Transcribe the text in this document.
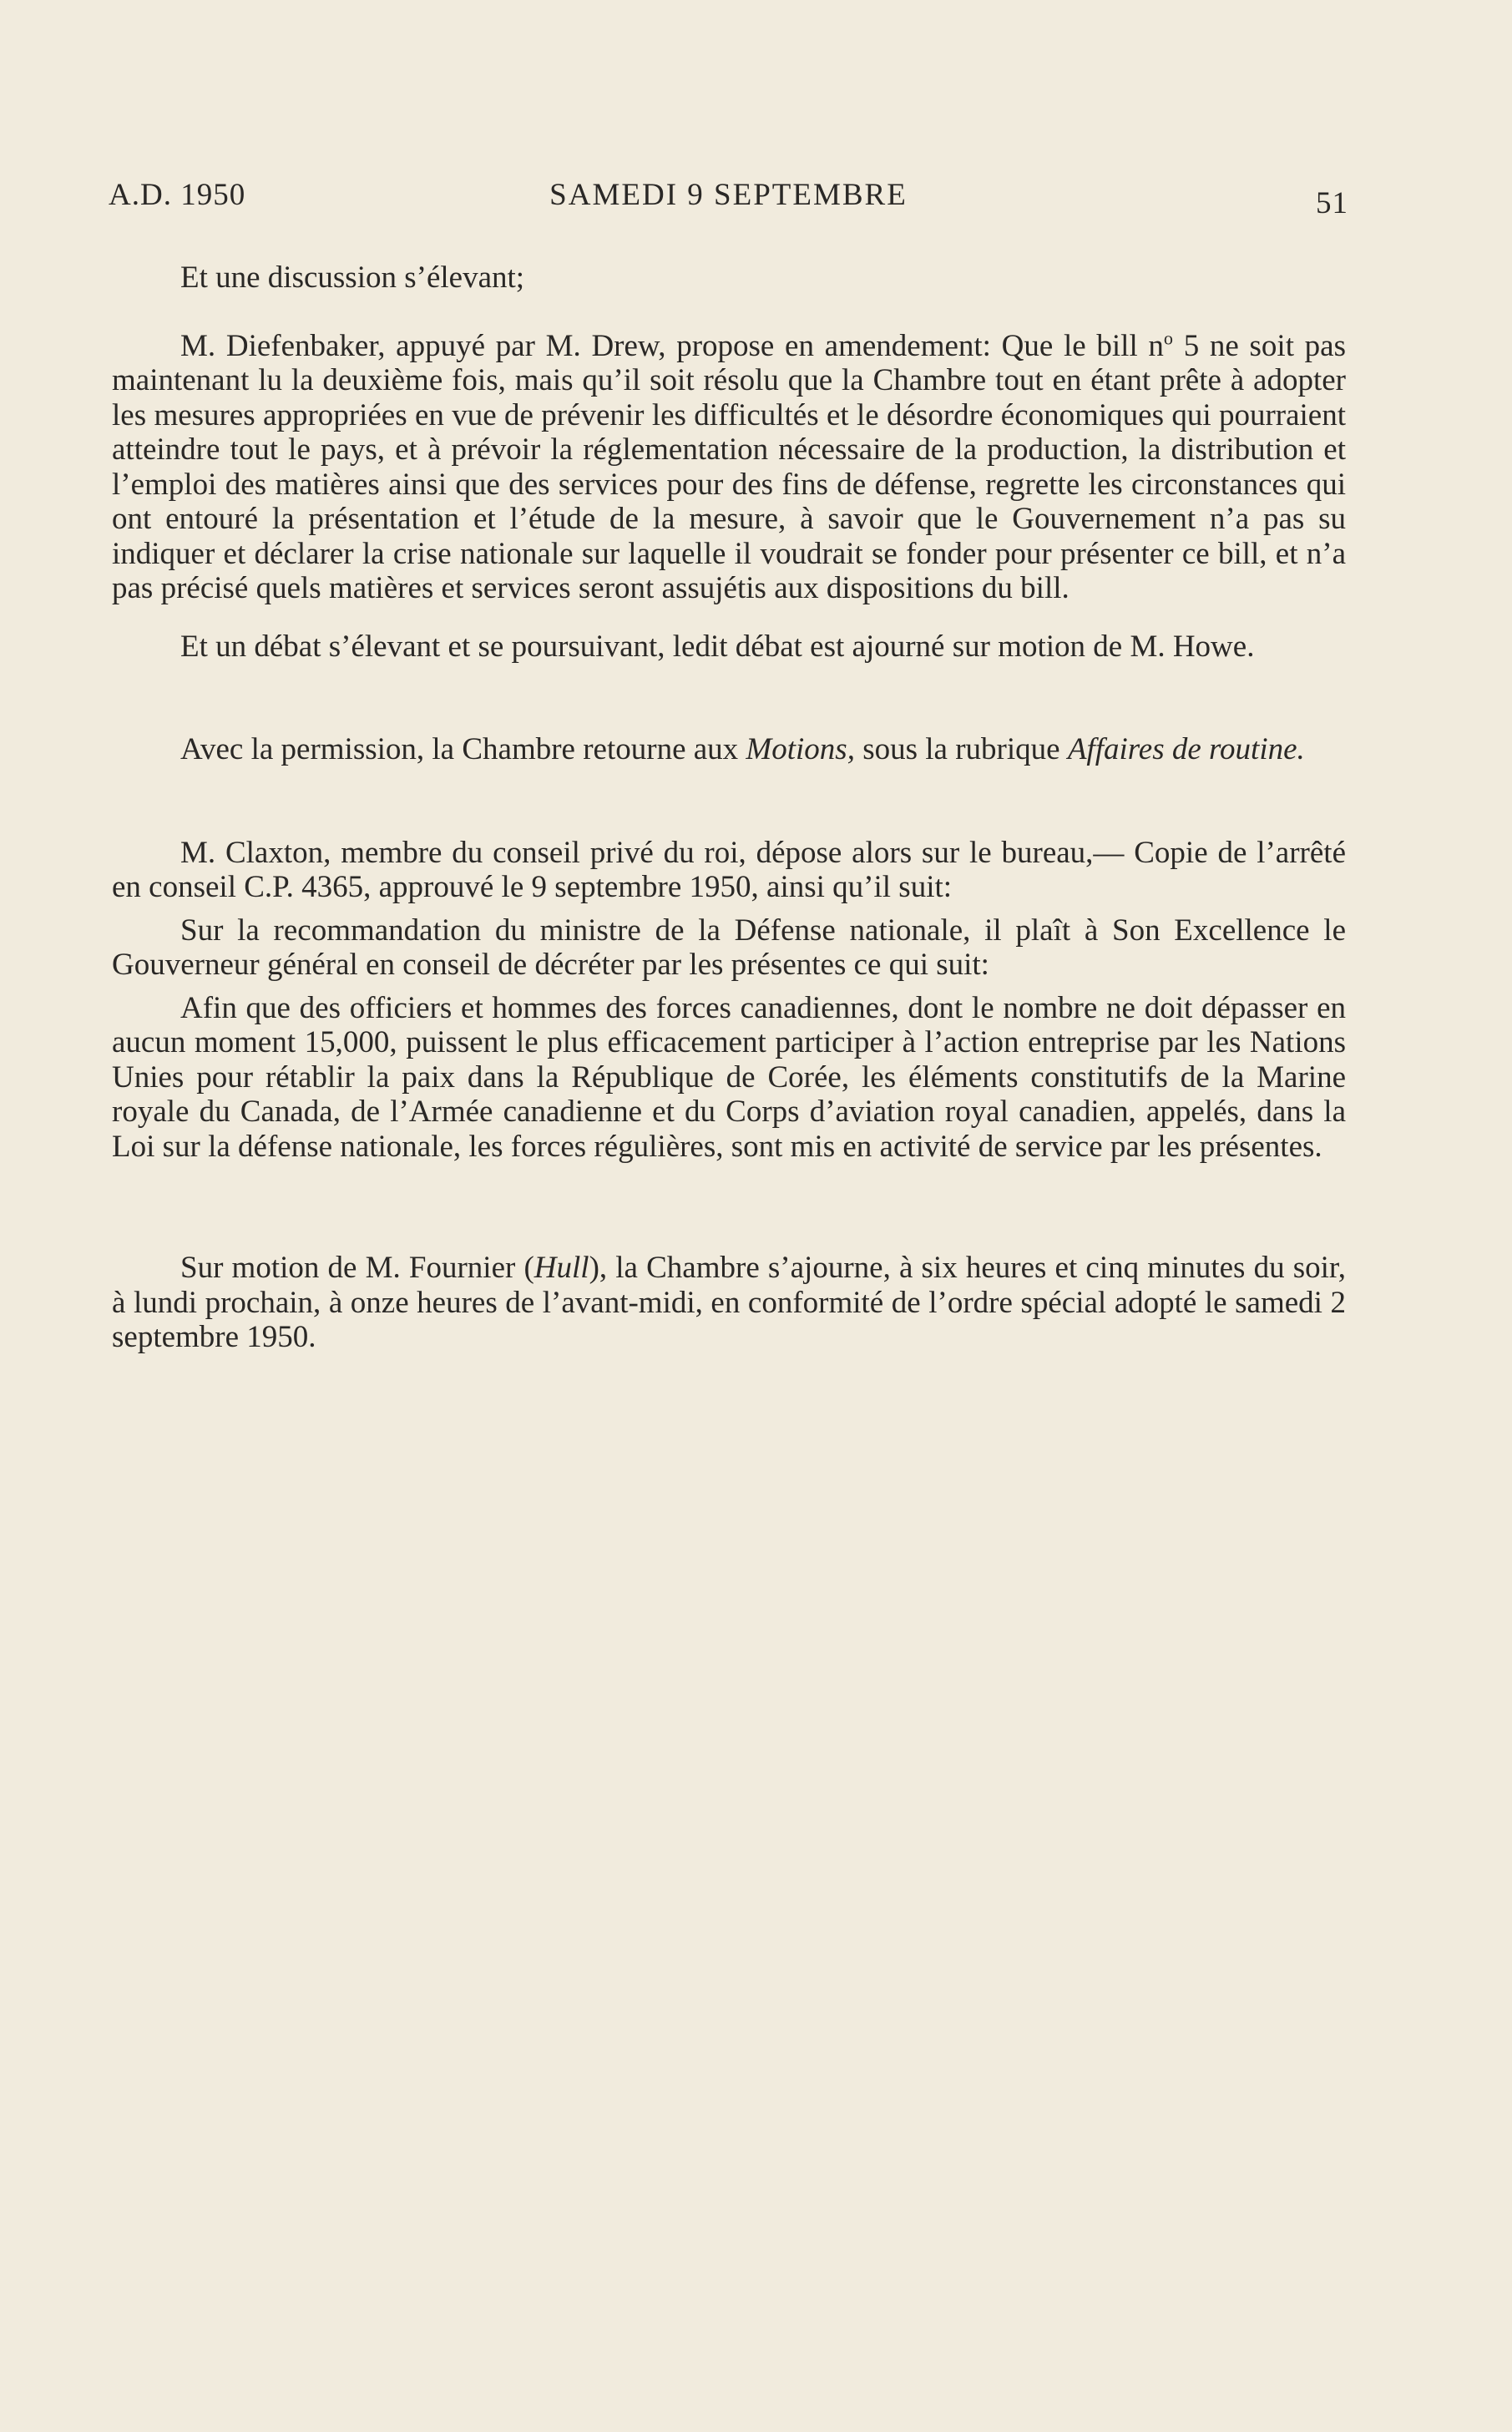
A.D. 1950	SAMEDI 9 SEPTEMBRE	51

Et une discussion s’élevant;

M. Diefenbaker, appuyé par M. Drew, propose en amendement: Que le bill $n^o$ 5 ne soit pas maintenant lu la deuxième fois, mais qu’il soit résolu que la Chambre tout en étant prête à adopter les mesures appropriées en vue de prévenir les difficultés et le désordre économiques qui pourraient atteindre tout le pays, et à prévoir la réglementation nécessaire de la production, la distribution et l’emploi des matières ainsi que des services pour des fins de défense, regrette les circonstances qui ont entouré la présentation et l’étude de la mesure, à savoir que le Gouvernement n’a pas su indiquer et déclarer la crise nationale sur laquelle il voudrait se fonder pour présenter ce bill, et n’a pas précisé quels matières et services seront assujétis aux dispositions du bill.

Et un débat s’élevant et se poursuivant, ledit débat est ajourné sur motion de M. Howe.

Avec la permission, la Chambre retourne aux Motions, sous la rubrique Affaires de routine.

M. Claxton, membre du conseil privé du roi, dépose alors sur le bureau,— Copie de l’arrêté en conseil C.P. 4365, approuvé le 9 septembre 1950, ainsi qu’il suit:

Sur la recommandation du ministre de la Défense nationale, il plaît à Son Excellence le Gouverneur général en conseil de décréter par les présentes ce qui suit:

Afin que des officiers et hommes des forces canadiennes, dont le nombre ne doit dépasser en aucun moment 15,000, puissent le plus efficacement participer à l’action entreprise par les Nations Unies pour rétablir la paix dans la République de Corée, les éléments constitutifs de la Marine royale du Canada, de l’Armée canadienne et du Corps d’aviation royal canadien, appelés, dans la Loi sur la défense nationale, les forces régulières, sont mis en activité de service par les présentes.

Sur motion de M. Fournier (Hull), la Chambre s’ajourne, à six heures et cinq minutes du soir, à lundi prochain, à onze heures de l’avant-midi, en conformité de l’ordre spécial adopté le samedi 2 septembre 1950.
